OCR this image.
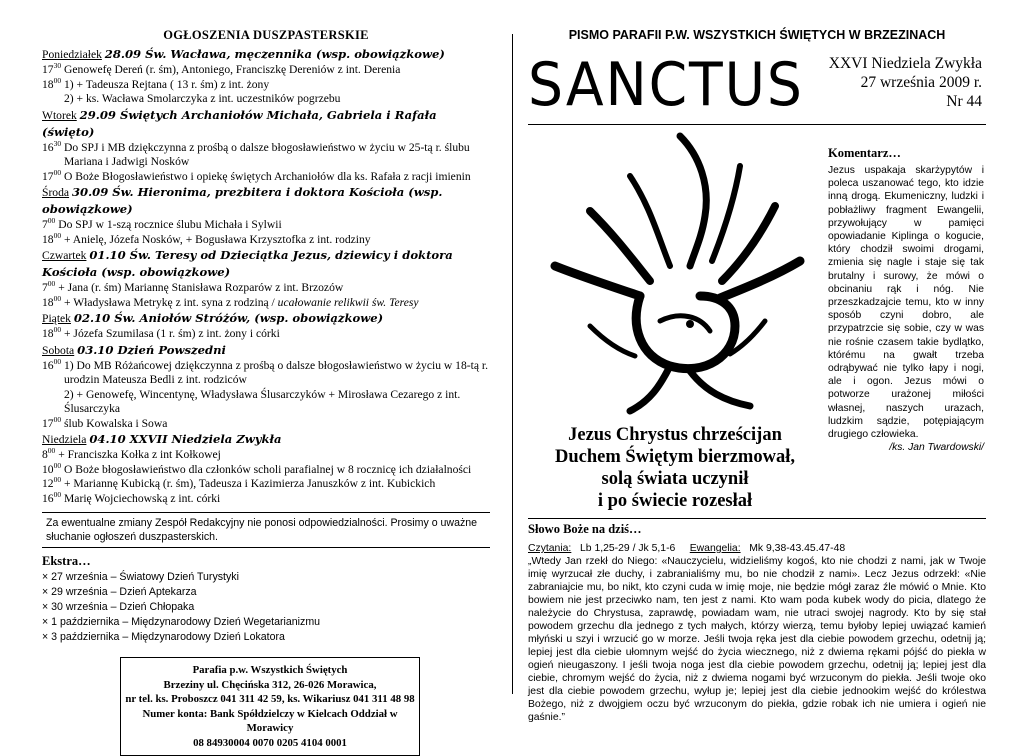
OGŁOSZENIA DUSZPASTERSKIE
Poniedziałek 28.09 Św. Wacława, męczennika (wsp. obowiązkowe)
$17^{30}$ Genowefę Dereń (r. śm), Antoniego, Franciszkę Dereniów z int. Derenia
$18^{00}$ 1) + Tadeusza Rejtana ( 13 r. śm) z int. żony
2) + ks. Wacława Smolarczyka z int. uczestników pogrzebu
Wtorek 29.09 Świętych Archaniołów Michała, Gabriela i Rafała (święto)
$16^{30}$ Do SPJ i MB dziękczynna z prośbą o dalsze błogosławieństwo w życiu w 25-tą r. ślubu Mariana i Jadwigi Nosków
$17^{00}$ O Boże Błogosławieństwo i opiekę świętych Archaniołów dla ks. Rafała z racji imienin
Środa 30.09 Św. Hieronima, prezbitera i doktora Kościoła (wsp. obowiązkowe)
$7^{00}$ Do SPJ w 1-szą rocznice ślubu Michała i Sylwii
$18^{00}$ + Anielę, Józefa Nosków, + Bogusława Krzysztofka z int. rodziny
Czwartek 01.10 Św. Teresy od Dzieciątka Jezus, dziewicy i doktora Kościoła (wsp. obowiązkowe)
$7^{00}$ + Jana (r. śm) Mariannę Stanisława Rozparów z int. Brzozów
$18^{00}$ + Władysława Metrykę z int. syna z rodziną / ucałowanie relikwii św. Teresy
Piątek 02.10 Św. Aniołów Stróżów, (wsp. obowiązkowe)
$18^{00}$ + Józefa Szumilasa (1 r. śm) z int. żony i córki
Sobota 03.10 Dzień Powszedni
$16^{00}$ 1) Do MB Różańcowej dziękczynna z prośbą o dalsze błogosławieństwo w życiu w 18-tą r. urodzin Mateusza Bedli z int. rodziców
2) + Genowefę, Wincentynę, Władysława Ślusarczyków + Mirosława Cezarego z int. Ślusarczyka
$17^{00}$ ślub Kowalska i Sowa
Niedziela 04.10 XXVII Niedziela Zwykła
$8^{00}$ + Franciszka Kołka z int Kołkowej
$10^{00}$ O Boże błogosławieństwo dla członków scholi parafialnej w 8 rocznicę ich działalności
$12^{00}$ + Mariannę Kubicką (r. śm), Tadeusza i Kazimierza Januszków z int. Kubickich
$16^{00}$ Marię Wojciechowską z int. córki
Za ewentualne zmiany Zespół Redakcyjny nie ponosi odpowiedzialności. Prosimy o uważne słuchanie ogłoszeń duszpasterskich.
Ekstra…
× 27 września – Światowy Dzień Turystyki
× 29 września – Dzień Aptekarza
× 30 września – Dzień Chłopaka
× 1 października – Międzynarodowy Dzień Wegetarianizmu
× 3 października – Międzynarodowy Dzień Lokatora
Parafia p.w. Wszystkich Świętych
Brzeziny ul. Chęcińska 312, 26-026 Morawica,
nr tel. ks. Proboszcz 041 311 42 59, ks. Wikariusz 041 311 48 98
Numer konta: Bank Spółdzielczy w Kielcach Oddział w Morawicy
08 84930004 0070 0205 4104 0001
PISMO PARAFII P.W. WSZYSTKICH ŚWIĘTYCH W BRZEZINACH
SANCTUS XXVI Niedziela Zwykła
27 września 2009 r.
Nr 44
Jezus Chrystus chrześcijan
Duchem Świętym bierzmował,
solą świata uczynił
i po świecie rozesłał
Komentarz…
Jezus uspakaja skarżypytów i poleca uszanować tego, kto idzie inną drogą. Ekumeniczny, ludzki i pobłażliwy fragment Ewangelii, przywołujący w pamięci opowiadanie Kiplinga o kogucie, który chodził swoimi drogami, zmienia się nagle i staje się tak brutalny i surowy, że mówi o obcinaniu rąk i nóg. Nie przeszkadzajcie temu, kto w inny sposób czyni dobro, ale przypatrzcie się sobie, czy w was nie rośnie czasem takie bydlątko, którému na gwałt trzeba odrąbywać nie tylko łapy i nogi, ale i ogon. Jezus mówi o potworze urażonej miłości własnej, naszych urazach, ludzkim sądzie, potępiającym drugiego człowieka.
/ks. Jan Twardowski/
Słowo Boże na dziś…
Czytania: Lb 1,25-29 / Jk 5,1-6 Ewangelia: Mk 9,38-43.45.47-48
„Wtedy Jan rzekł do Niego: «Nauczycielu, widzieliśmy kogoś, kto nie chodzi z nami, jak w Twoje imię wyrzucał złe duchy, i zabranialiśmy mu, bo nie chodził z nami». Lecz Jezus odrzekł: «Nie zabraniajcie mu, bo nikt, kto czyni cuda w imię moje, nie będzie mógł zaraz źle mówić o Mnie. Kto bowiem nie jest przeciwko nam, ten jest z nami. Kto wam poda kubek wody do picia, dlatego że należycie do Chrystusa, zaprawdę, powiadam wam, nie utraci swojej nagrody. Kto by się stał powodem grzechu dla jednego z tych małych, którzy wierzą, temu byłoby lepiej uwiązać kamień młyński u szyi i wrzucić go w morze. Jeśli twoja ręka jest dla ciebie powodem grzechu, odetnij ją; lepiej jest dla ciebie ułomnym wejść do życia wiecznego, niż z dwiema rękami pójść do piekła w ogień nieugaszony. I jeśli twoja noga jest dla ciebie powodem grzechu, odetnij ją; lepiej jest dla ciebie, chromym wejść do życia, niż z dwiema nogami być wrzuconym do piekła. Jeśli twoje oko jest dla ciebie powodem grzechu, wyłup je; lepiej jest dla ciebie jednookim wejść do królestwa Bożego, niż z dwojgiem oczu być wrzuconym do piekła, gdzie robak ich nie umiera i ogień nie gaśnie.”
